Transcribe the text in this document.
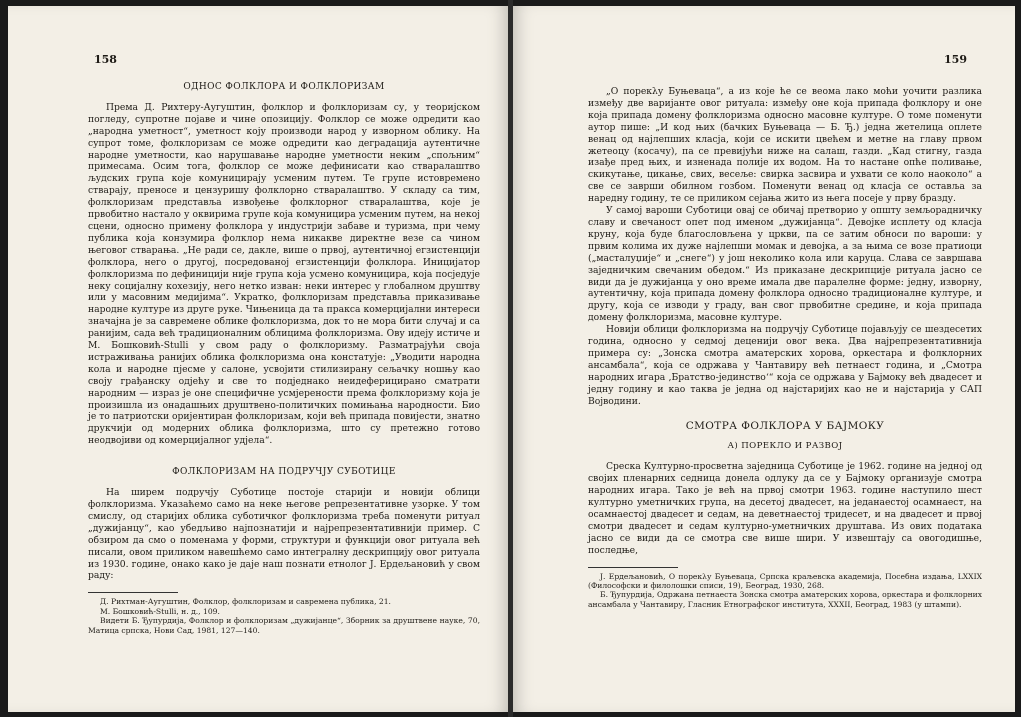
158
ОДНОС ФОЛКЛОРА И ФОЛКЛОРИЗАМ

Према Д. Рихтеру-Аугуштин, фолклор и фолклоризам су, у теоријском погледу, супротне појаве и чине опозицију. Фолклор се може одредити као „народна уметност“, уметност коју производи народ у изворном облику. На супрот томе, фолклоризам се може одредити као деградација аутентичне народне уметности, као нарушавање народне уметности неким „спољним“ примесама. Осим тога, фолклор се може дефинисати као стваралаштво људских група које комуницирају усменим путем. Те групе истовремено стварају, преносе и цензуришу фолклорно стваралаштво. У складу са тим, фолклоризам представља извођење фолклорног стваралаштва, које је првобитно настало у оквирима групе која комуницира усменим путем, на некој сцени, односно примену фолклора у индустрији забаве и туризма, при чему публика која конзумира фолклор нема никакве директне везе са чином његовог стварања. „Не ради се, дакле, више о првој, аутентичној егзистенцији фолклора, него о другој, посредованој егзистенцији фолклора. Иницијатор фолклоризма по дефиницији није група која усмено комуницира, која посједује неку социјалну кохезију, него нетко изван: неки интерес у глобалном друштву или у масовним медијима“. Укратко, фолклоризам представља приказивање народне културе из друге руке. Чињеница да та пракса комерцијални интереси значајна је за савремене облике фолклоризма, док то не мора бити случај и са ранијим, сада већ традиционалним облицима фолклоризма. Ову идеју истиче и М. Бошковић-Stulli у свом раду о фолклоризму. Разматрајући своја истраживања ранијих облика фолклоризма она констатује: „Уводити народна кола и народне пјесме у салоне, усвојити стилизирану сељачку ношњу као своју грађанску одјећу и све то подједнако неидеферицирано сматрати народним — израз је оне специфичне усмјерености према фолклоризму која је произишла из онадашњих друштвено-политичких помињања народности. Био је то патриотски оријентиран фолклоризам, који већ припада повијести, знатно друкчији од модерних облика фолклоризма, што су претежно готово неодвојиви од комерцијалног удјела“.

ФОЛКЛОРИЗАМ НА ПОДРУЧЈУ СУБОТИЦЕ

На ширем подручју Суботице постоје старији и новији облици фолклоризма. Указаћемо само на неке његове репрезентативне узорке. У том смислу, од старијих облика суботичког фолклоризма треба поменути ритуал „дужијанцу“, као убедљиво најпознатији и најрепрезентативнији пример. С обзиром да смо о поменама у форми, структури и функцији овог ритуала већ писали, овом приликом навешћемо само интегралну дескрипцију овог ритуала из 1930. године, онако како је даје наш познати етнолог Ј. Ердељановић у свом раду:

Д. Рихтман-Аугуштин, Фолклор, фолклоризам и савремена публика, 21.

М. Бошковић-Stulli, н. д., 109.

Видети Б. Ђупурдија, Фолклор и фолклоризам „дужијанце“, Зборник за друштвене науке, 70, Матица српска, Нови Сад, 1981, 127—140.

159

„О порекλу Буњеваца“, а из које ће се веома лако моћи уочити разлика између две варијанте овог ритуала: између оне која припада фолклору и оне која припада домену фолклоризма односно масовне културе. О томе поменути аутор пише: „И код њих (бачких Буњеваца — Б. Ђ.) једна жетелица оплете венац од најлепших класја, који се искити цвећем и метне на главу првом жетеоцу (косачу), па се превијући ниже на салаш, газди. „Кад стигну, газда изађе пред њих, и изненада полије их водом. На то настане опће поливање, скикутање, цикање, свих, весеље: свирка засвира и ухвати се коло наоколо“ а све се заврши обилном гозбом. Поменути венац од класја се оставља за наредну годину, те се приликом сејања жито из њега посеје у прву бразду.

У самој вароши Суботици овај се обичај претворио у општу земљорадничку славу и свечаност опет под именом „дужијанца“. Девојке исплету од класја круну, која буде благословљена у цркви, па се затим обноси по вароши: у првим колима их дуже најлепши момак и девојка, а за њима се возе пратиоци („масталуџије“ и „снеге“) у још неколико кола или каруца. Слава се завршава заједничким свечаним обедом.“ Из приказане дескрипције ритуала јасно се види да је дужијанца у оно време имала две паралелне форме: једну, изворну, аутентичну, која припада домену фолклора односно традиционалне културе, и другу, која се изводи у граду, ван свог првобитне средине, и која припада домену фолклоризма, масовне културе.

Новији облици фолклоризма на подручју Суботице појављују се шездесетих година, односно у седмој деценији овог века. Два најрепрезентативнија примера су: „Зонска смотра аматерских хорова, оркестара и фолклорних ансамбала“, која се одржава у Чантавиру већ петнаест година, и „Смотра народних игара ‚Братство-јединство‘“ која се одржава у Бајмоку већ двадесет и једну годину и као таква је једна од најстаријих као не и најстарија у САП Војводини.

СМОТРА ФОЛКЛОРА У БАЈМОКУ
А) ПОРЕКЛО И РАЗВОЈ

Среска Културно-просветна заједница Суботице је 1962. године на једној од својих пленарних седница донела одлуку да се у Бајмоку организује смотра народних игара. Тако је већ на првој смотри 1963. године наступило шест културно уметничких група, на десетој двадесет, на једанаестој осамнаест, на осамнаестој двадесет и седам, на деветнаестој тридесет, и на двадесет и првој смотри двадесет и седам културно-уметничких друштава. Из ових података јасно се види да се смотра све више шири. У извештају са овогодишње, последње,

Ј. Ердељановић, О порекλу Буњеваца, Српска краљевска академија, Посебна издања, LXXIX (Философски и филолошки списи, 19), Београд, 1930, 268.

Б. Ђупурдија, Одржана петнаеста Зонска смотра аматерских хорова, оркестара и фолклорних ансамбала у Чантавиру, Гласник Етнографског института, XXXII, Београд, 1983 (у штампи).
